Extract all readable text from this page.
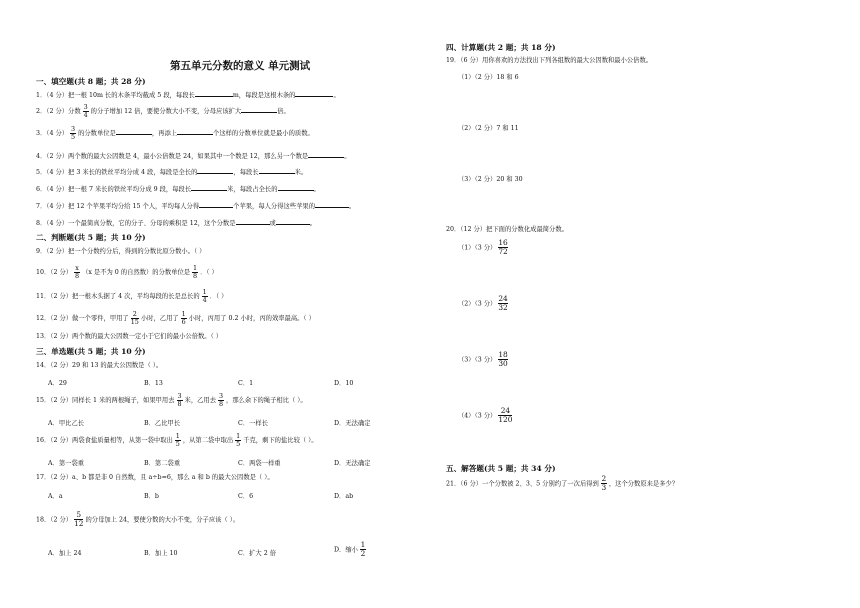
第五单元分数的意义 单元测试
一、填空题(共 8 题；共 28 分)
1．（4 分）把一根 10m 长的木条平均截成 5 段，每段长	m，每段是这根木条的	。
2．（2 分）分数 $\frac{3}{4}$ 的分子增加 12 倍，要使分数大小不变，分母应该扩大	倍。
3．（4 分） $\frac{3}{5}$ 的分数单位是	，再添上	个这样的分数单位就是最小的质数。
4．（2 分）两个数的最大公因数是 4，最小公倍数是 24，如果其中一个数是 12，那么另一个数是	。
5．（4 分）把 3 米长的铁丝平均分成 4 段，每段是全长的	，每段长	米。
6．（4 分）把一根 7 米长的铁丝平均分成 9 段，每段长	米，每段占全长的	。
7．（4 分）把 12 个苹果平均分给 15 个人，平均每人分得	个苹果，每人分得这些苹果的	。
8．（4 分）一个最简真分数，它的分子、分母的乘积是 12，这个分数是	或	。
二、判断题(共 5 题；共 10 分)
9．（2 分）把一个分数约分后，得到的分数比原分数小。（ ）
10．（2 分） $\frac{x}{8} (x$ 是不为 0 的自然数）的分数单位是 $\frac{1}{8}$ ．（ ）
11．（2 分）把一根木头据了 4 次，平均每段的长是总长的 $\frac{1}{4}$ ．（ ）
12．（2 分）做一个零件，甲用了 $\frac{2}{15}$ 小时，乙用了 $\frac{1}{6}$ 小时，丙用了 0.2 小时，丙的效率最高。（ ）
13．（2 分）两个数的最大公因数一定小于它们的最小公倍数。（ ）
三、单选题(共 5 题；共 10 分)
14．（2 分）29 和 13 的最大公因数是（ ）。
A．29	B．13	C．1	D．10
15．（2 分）同样长 1 米的两根绳子，如果甲用去 $\frac{3}{8}$ 米，乙用去 $\frac{3}{8}$ ，那么余下的绳子相比（ ）。
A．甲比乙长	B．乙比甲长	C．一样长	D．无法确定
16．（2 分）两袋食盐质量相等，从第一袋中取出 $\frac{1}{5}$ ，从第二袋中取出 $\frac{1}{5}$ 千克，剩下的盐比较（ ）。
A．第一袋重	B．第二袋重	C．两袋一样重	D．无法确定
17．（2 分）a、b 都是非 0 自然数，且 a÷b=6，那么 a 和 b 的最大公因数是（ ）。
A．a	B．b	C．6	D．ab
18．（2 分） $\frac{5}{12}$ 的分母加上 24，要使分数的大小不变，分子应该（ ）。
A．加上 24	B．加上 10	C．扩大 2 倍
D．缩小 $\frac{1}{2}$
四、计算题(共 2 题；共 18 分)
19．（6 分）用你喜欢的方法找出下列各组数的最大公因数和最小公倍数。
（1）（2 分）18 和 6
（2）（2 分）7 和 11
（3）（2 分）20 和 30
20．（12 分）把下面的分数化成最简分数。
（1）（3 分） $\frac{16}{72}$
（2）（3 分） $\frac{24}{32}$
（3）（3 分） $\frac{18}{30}$
（4）（3 分） $\frac{24}{120}$
五、解答题(共 5 题；共 34 分)
21．（6 分）一个分数被 2、3、5 分别约了一次后得到 $\frac{2}{3}$ ，这个分数原来是多少？
